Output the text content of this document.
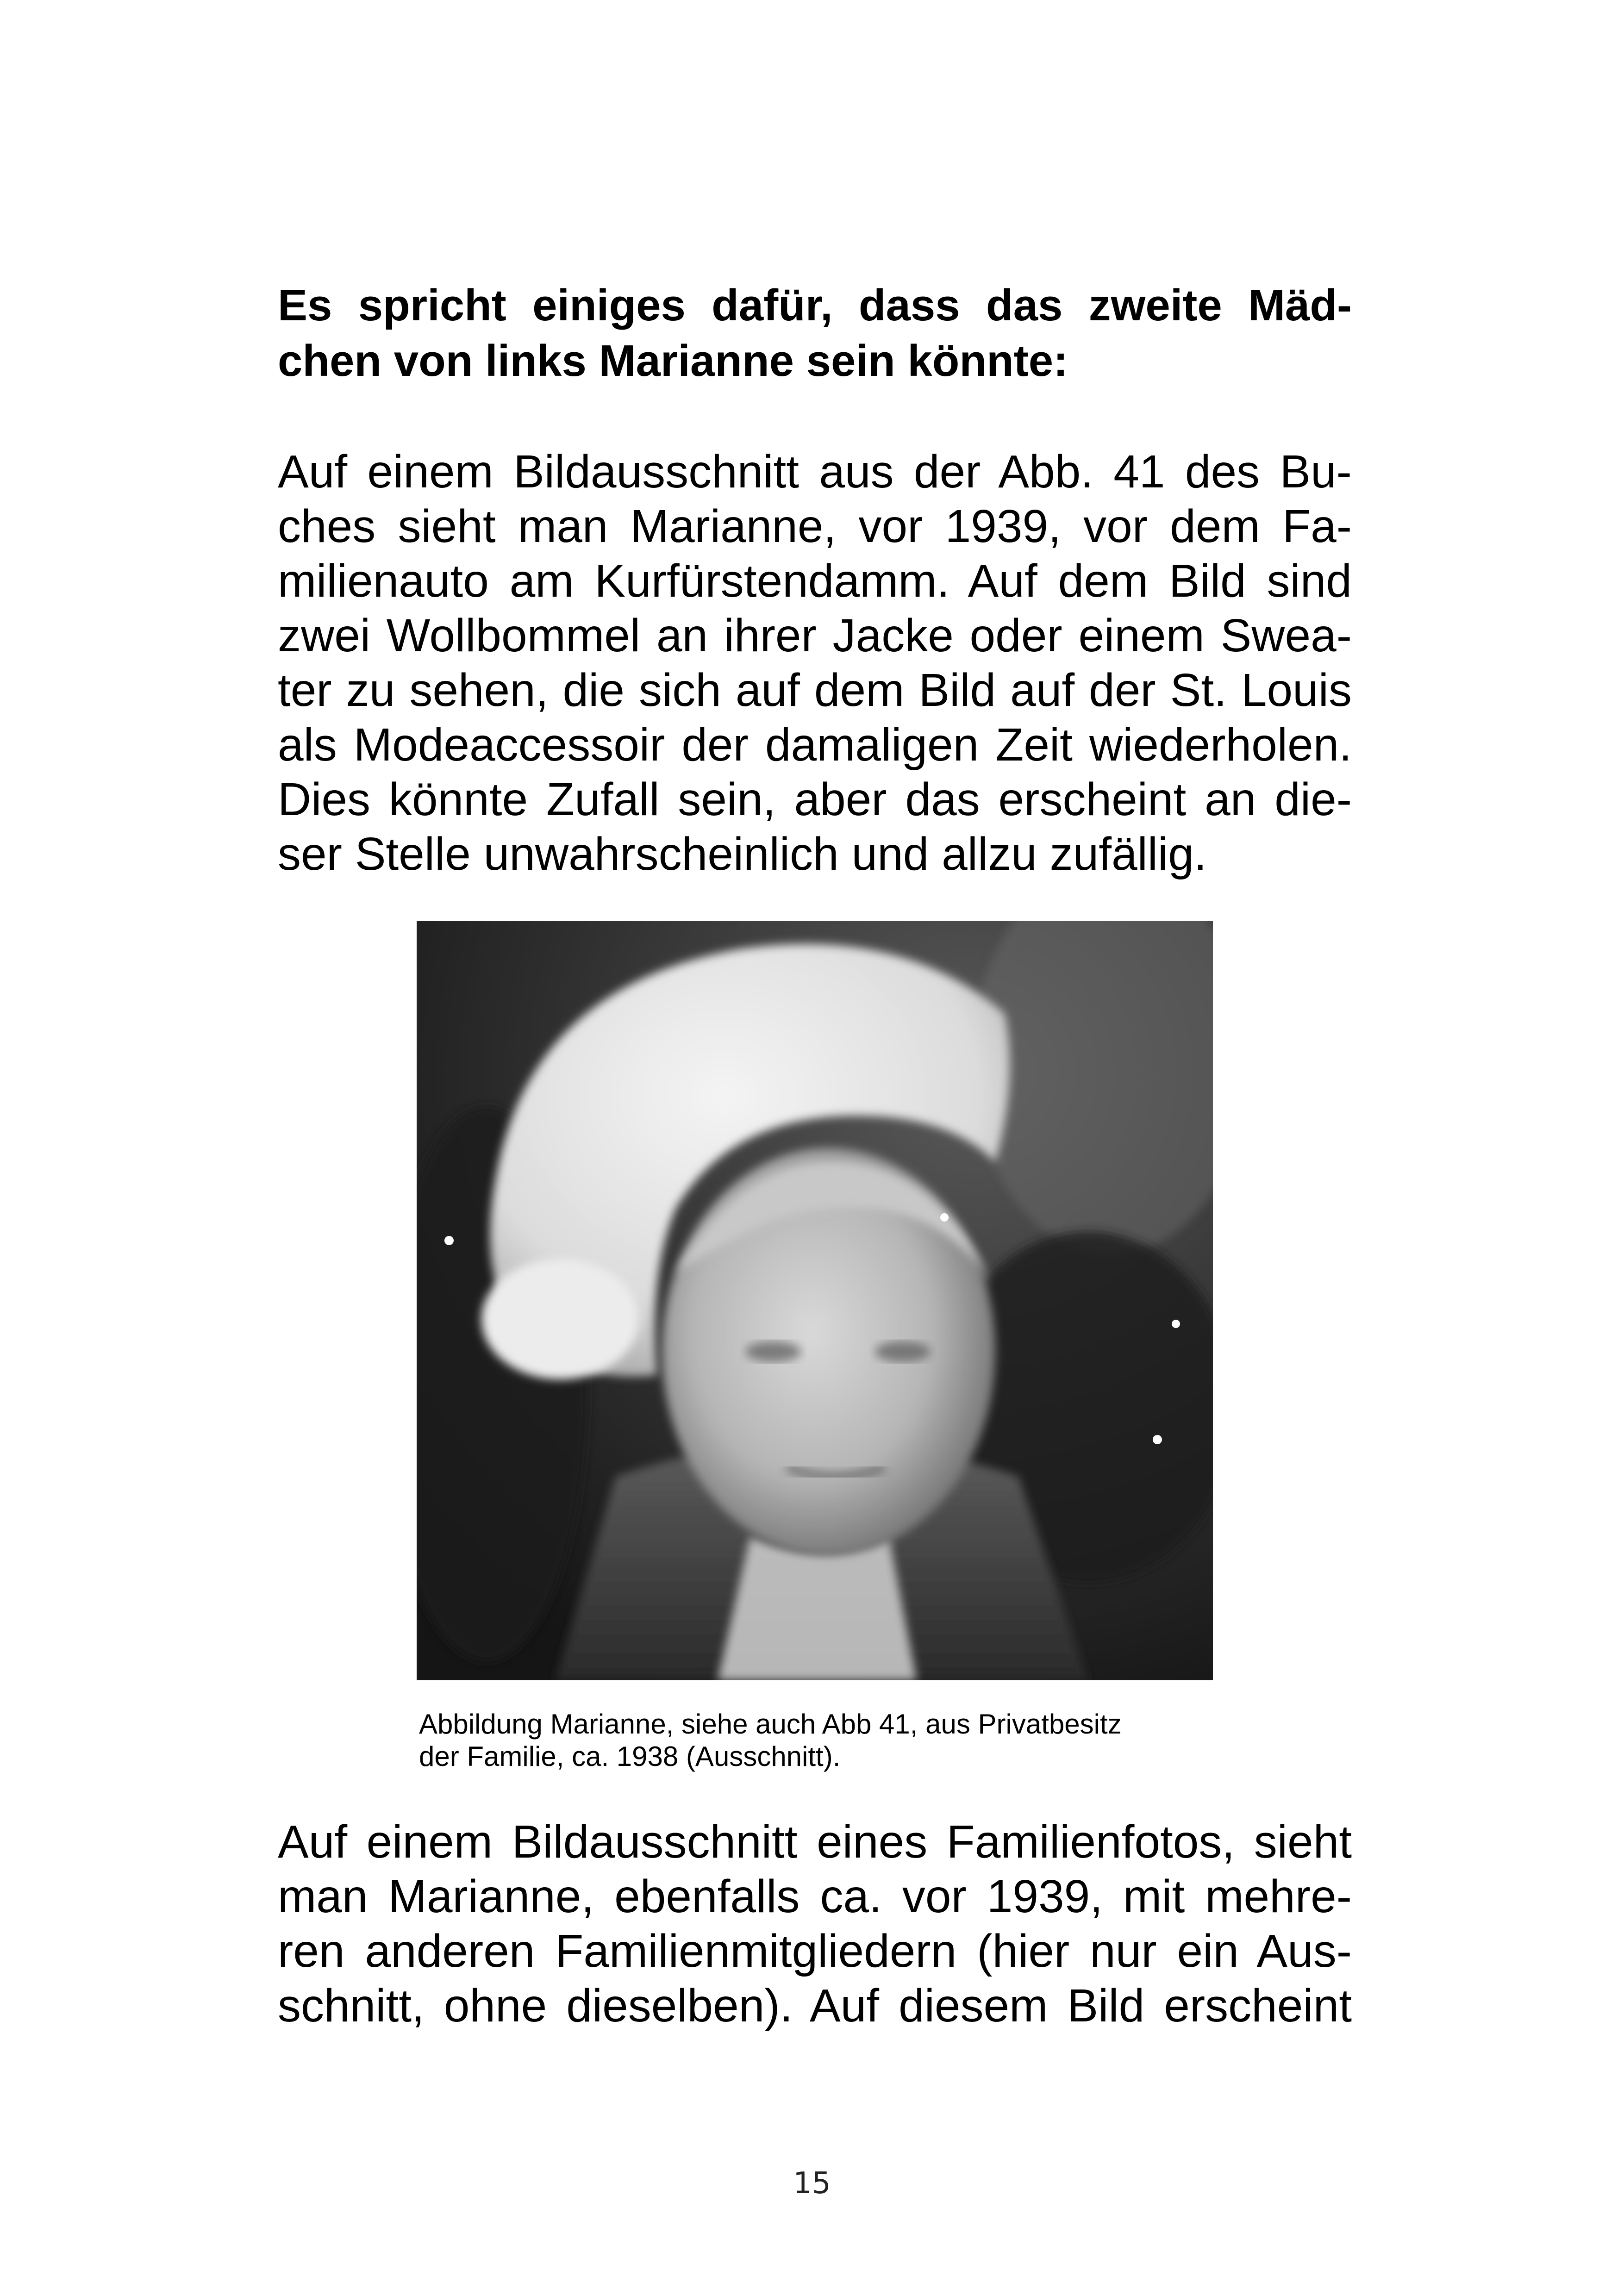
Es spricht einiges dafür, dass das zweite Mäd-
chen von links Marianne sein könnte:
Auf einem Bildausschnitt aus der Abb. 41 des Bu-
ches sieht man Marianne, vor 1939, vor dem Fa-
milienauto am Kurfürstendamm. Auf dem Bild sind
zwei Wollbommel an ihrer Jacke oder einem Swea-
ter zu sehen, die sich auf dem Bild auf der St. Louis
als Modeaccessoir der damaligen Zeit wiederholen.
Dies könnte Zufall sein, aber das erscheint an die-
ser Stelle unwahrscheinlich und allzu zufällig.
Abbildung Marianne, siehe auch Abb 41, aus Privatbesitz
der Familie, ca. 1938 (Ausschnitt).
Auf einem Bildausschnitt eines Familienfotos, sieht
man Marianne, ebenfalls ca. vor 1939, mit mehre-
ren anderen Familienmitgliedern (hier nur ein Aus-
schnitt, ohne dieselben). Auf diesem Bild erscheint
15
